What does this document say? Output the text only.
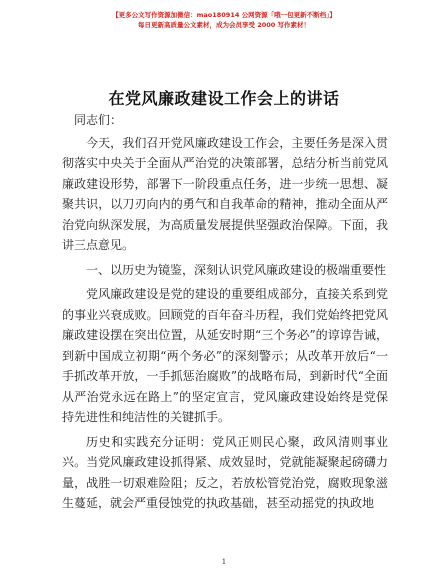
【更多公文写作资源加微信：mao180914 公网资源「哦一包更新不断档」】
每日更新高质量公文素材，成为会员享受 2000 写作素材！
在党风廉政建设工作会上的讲话

同志们：

今天，我们召开党风廉政建设工作会，主要任务是深入贯彻落实中央关于全面从严治党的决策部署，总结分析当前党风廉政建设形势，部署下一阶段重点任务，进一步统一思想、凝聚共识，以刀刃向内的勇气和自我革命的精神，推动全面从严治党向纵深发展，为高质量发展提供坚强政治保障。下面，我讲三点意见。

一、以历史为镜鉴，深刻认识党风廉政建设的极端重要性

党风廉政建设是党的建设的重要组成部分，直接关系到党的事业兴衰成败。回顾党的百年奋斗历程，我们党始终把党风廉政建设摆在突出位置，从延安时期“三个务必”的谆谆告诫，到新中国成立初期“两个务必”的深刻警示；从改革开放后“一手抓改革开放，一手抓惩治腐败”的战略布局，到新时代“全面从严治党永远在路上”的坚定宣言，党风廉政建设始终是党保持先进性和纯洁性的关键抓手。

历史和实践充分证明：党风正则民心聚，政风清则事业兴。当党风廉政建设抓得紧、成效显时，党就能凝聚起磅礴力量，战胜一切艰难险阻；反之，若放松管党治党，腐败现象滋生蔓延，就会严重侵蚀党的执政基础，甚至动摇党的执政地

1
